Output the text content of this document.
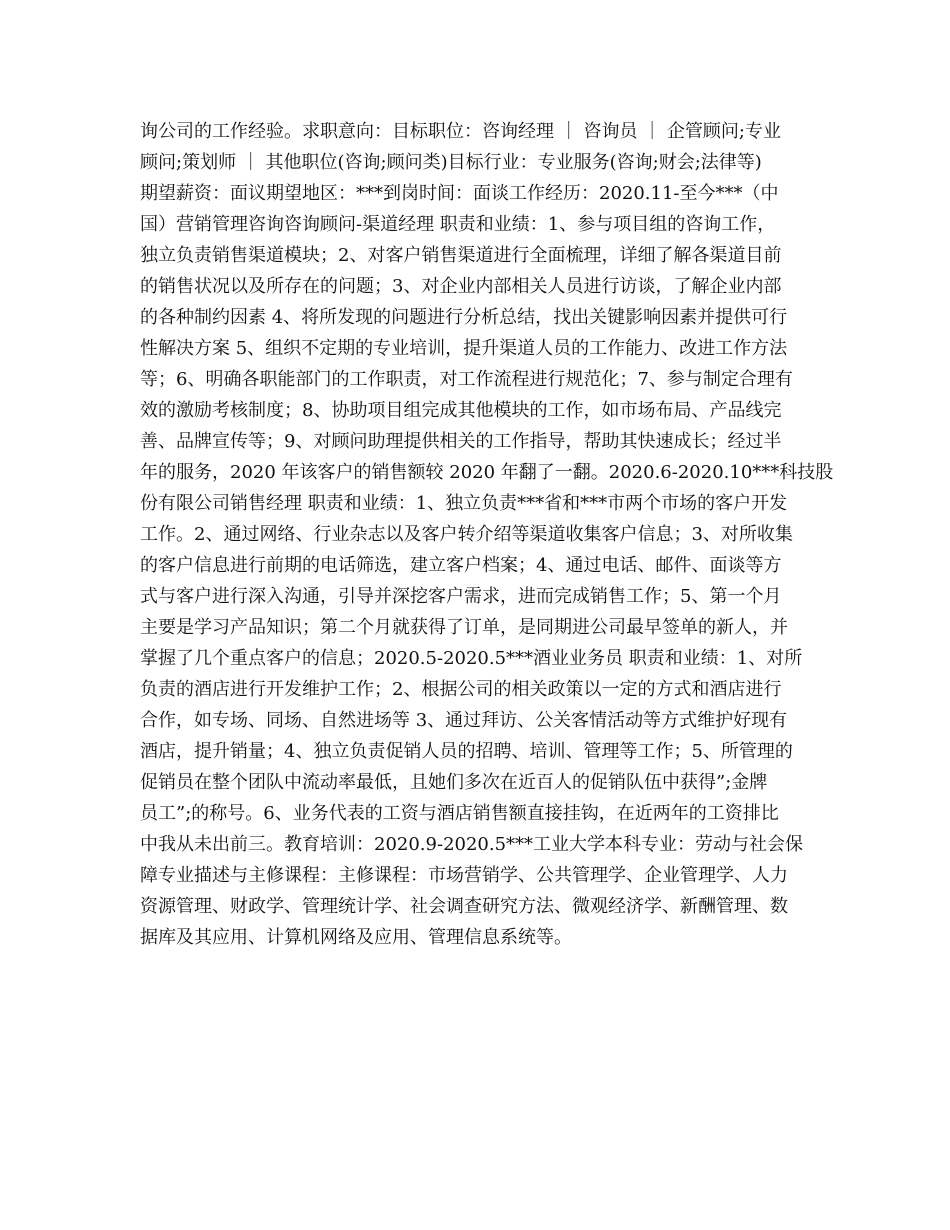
询公司的工作经验。求职意向：目标职位：咨询经理 ｜ 咨询员 ｜ 企管顾问;专业
顾问;策划师 ｜ 其他职位(咨询;顾问类)目标行业：专业服务(咨询;财会;法律等)
期望薪资：面议期望地区：***到岗时间：面谈工作经历：2020.11-至今***（中
国）营销管理咨询咨询顾问-渠道经理 职责和业绩：1、参与项目组的咨询工作，
独立负责销售渠道模块；2、对客户销售渠道进行全面梳理，详细了解各渠道目前
的销售状况以及所存在的问题；3、对企业内部相关人员进行访谈，了解企业内部
的各种制约因素 4、将所发现的问题进行分析总结，找出关键影响因素并提供可行
性解决方案 5、组织不定期的专业培训，提升渠道人员的工作能力、改进工作方法
等；6、明确各职能部门的工作职责，对工作流程进行规范化；7、参与制定合理有
效的激励考核制度；8、协助项目组完成其他模块的工作，如市场布局、产品线完
善、品牌宣传等；9、对顾问助理提供相关的工作指导，帮助其快速成长；经过半
年的服务，2020 年该客户的销售额较 2020 年翻了一翻。2020.6-2020.10***科技股
份有限公司销售经理 职责和业绩：1、独立负责***省和***市两个市场的客户开发
工作。2、通过网络、行业杂志以及客户转介绍等渠道收集客户信息；3、对所收集
的客户信息进行前期的电话筛选，建立客户档案；4、通过电话、邮件、面谈等方
式与客户进行深入沟通，引导并深挖客户需求，进而完成销售工作；5、第一个月
主要是学习产品知识；第二个月就获得了订单，是同期进公司最早签单的新人，并
掌握了几个重点客户的信息；2020.5-2020.5***酒业业务员 职责和业绩：1、对所
负责的酒店进行开发维护工作；2、根据公司的相关政策以一定的方式和酒店进行
合作，如专场、同场、自然进场等 3、通过拜访、公关客情活动等方式维护好现有
酒店，提升销量；4、独立负责促销人员的招聘、培训、管理等工作；5、所管理的
促销员在整个团队中流动率最低，且她们多次在近百人的促销队伍中获得”;金牌
员工”;的称号。6、业务代表的工资与酒店销售额直接挂钩，在近两年的工资排比
中我从未出前三。教育培训：2020.9-2020.5***工业大学本科专业：劳动与社会保
障专业描述与主修课程：主修课程：市场营销学、公共管理学、企业管理学、人力
资源管理、财政学、管理统计学、社会调查研究方法、微观经济学、新酬管理、数
据库及其应用、计算机网络及应用、管理信息系统等。
